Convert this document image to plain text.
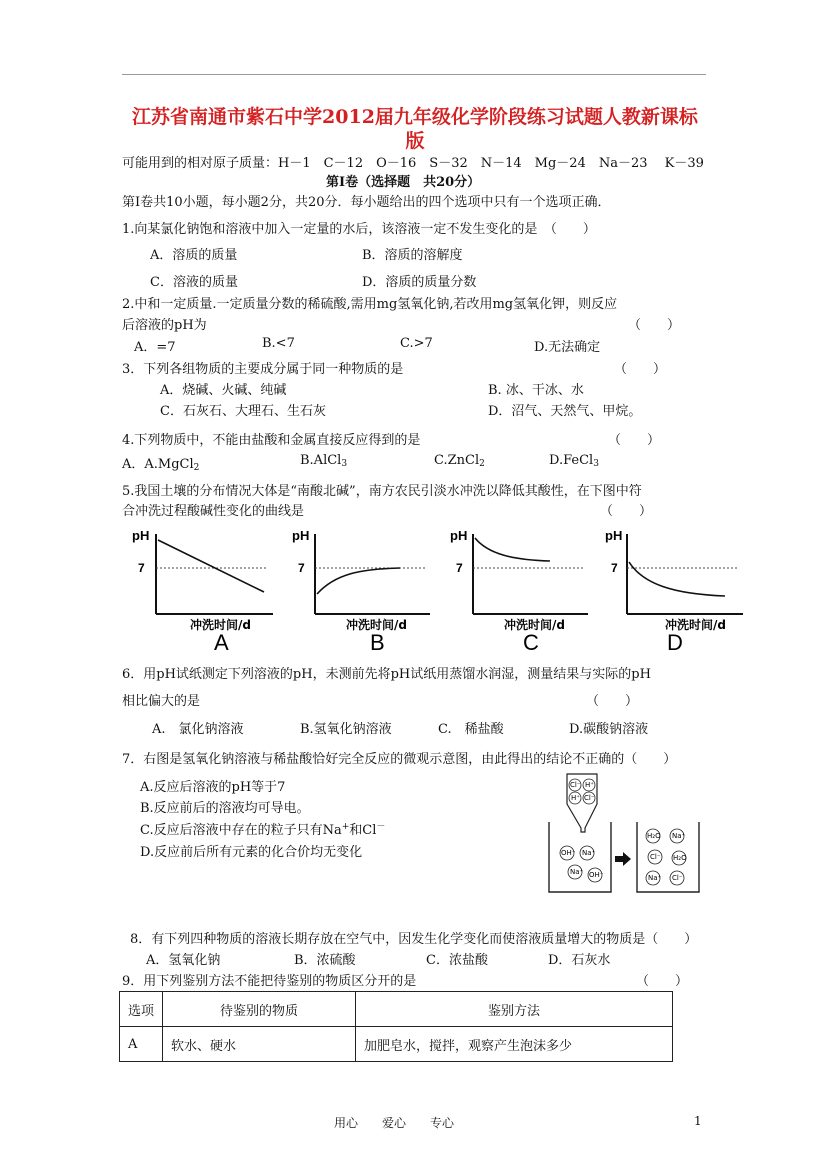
江苏省南通市紫石中学2012届九年级化学阶段练习试题人教新课标
版
可能用到的相对原子质量：H－1　C－12　O－16　S－32　N－14　Mg－24　Na－23　 K－39
第Ⅰ卷（选择题　共20分）
第Ⅰ卷共10小题，每小题2分，共20分．每小题给出的四个选项中只有一个选项正确．
1.向某氯化钠饱和溶液中加入一定量的水后，该溶液一定不发生变化的是　（　　）
A．溶质的质量	B．溶质的溶解度
C．溶液的质量	D．溶质的质量分数
2.中和一定质量.一定质量分数的稀硫酸,需用mg氢氧化钠,若改用mg氢氧化钾，则反应
后溶液的pH为	（　　）
A．=7	B.<7	C.>7	D.无法确定
3．下列各组物质的主要成分属于同一种物质的是	（　　）
A．烧碱、火碱、纯碱	B. 冰、干冰、水
C．石灰石、大理石、生石灰	D．沼气、天然气、甲烷。
4.下列物质中，不能由盐酸和金属直接反应得到的是	（　　）
A．A.MgCl$_2$	B.AlCl$_3$	C.ZnCl$_2$	D.FeCl$_3$
5.我国土壤的分布情况大体是“南酸北碱”，南方农民引淡水冲洗以降低其酸性，在下图中符
合冲洗过程酸碱性变化的曲线是	（　　）
pH
7
冲洗时间/d
A
pH
7
冲洗时间/d
B
pH
7
冲洗时间/d
C
pH
7
冲洗时间/d
D
6．用pH试纸测定下列溶液的pH，未测前先将pH试纸用蒸馏水润湿，测量结果与实际的pH
相比偏大的是	（　　）
A.　氯化钠溶液	B.氢氧化钠溶液	C.　稀盐酸	D.碳酸钠溶液
7．右图是氢氧化钠溶液与稀盐酸恰好完全反应的微观示意图，由此得出的结论不正确的（　　）
A.反应后溶液的pH等于7
B.反应前后的溶液均可导电。
C.反应后溶液中存在的粒子只有Na+和Cl－
D.反应前后所有元素的化合价均无变化
Cl⁻ H⁺
H⁺ Cl⁻
OH⁻ Na⁺
Na⁺ OH⁻
H₂O Na⁺
Cl⁻ H₂O
Na⁺ Cl⁻
8．有下列四种物质的溶液长期存放在空气中，因发生化学变化而使溶液质量增大的物质是（　　）
A．氢氧化钠	B．浓硫酸	C．浓盐酸	D．石灰水
9．用下列鉴别方法不能把待鉴别的物质区分开的是	（　　）
选项	待鉴别的物质	鉴别方法
A	软水、硬水	加肥皂水，搅拌，观察产生泡沫多少
用心　　爱心　　专心	1
